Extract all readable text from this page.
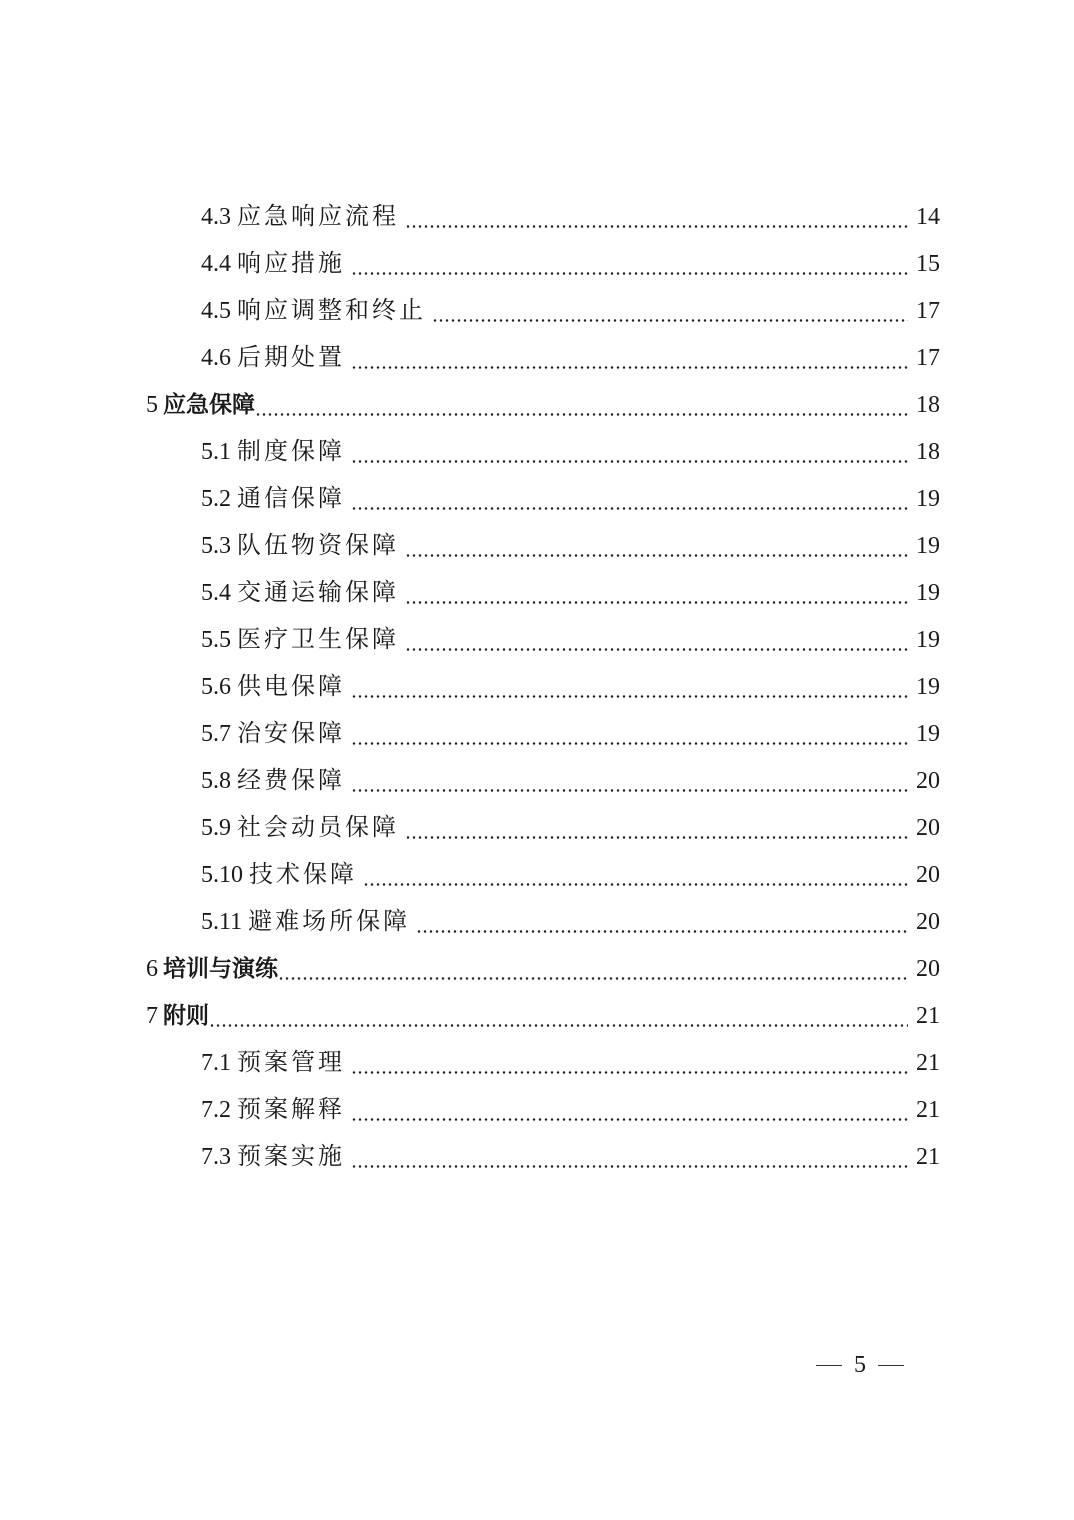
4.3 应急响应流程	14
4.4 响应措施	15
4.5 响应调整和终止	17
4.6 后期处置	17
5 应急保障	18
5.1 制度保障	18
5.2 通信保障	19
5.3 队伍物资保障	19
5.4 交通运输保障	19
5.5 医疗卫生保障	19
5.6 供电保障	19
5.7 治安保障	19
5.8 经费保障	20
5.9 社会动员保障	20
5.10 技术保障	20
5.11 避难场所保障	20
6 培训与演练	20
7 附则	21
7.1 预案管理	21
7.2 预案解释	21
7.3 预案实施	21
5
